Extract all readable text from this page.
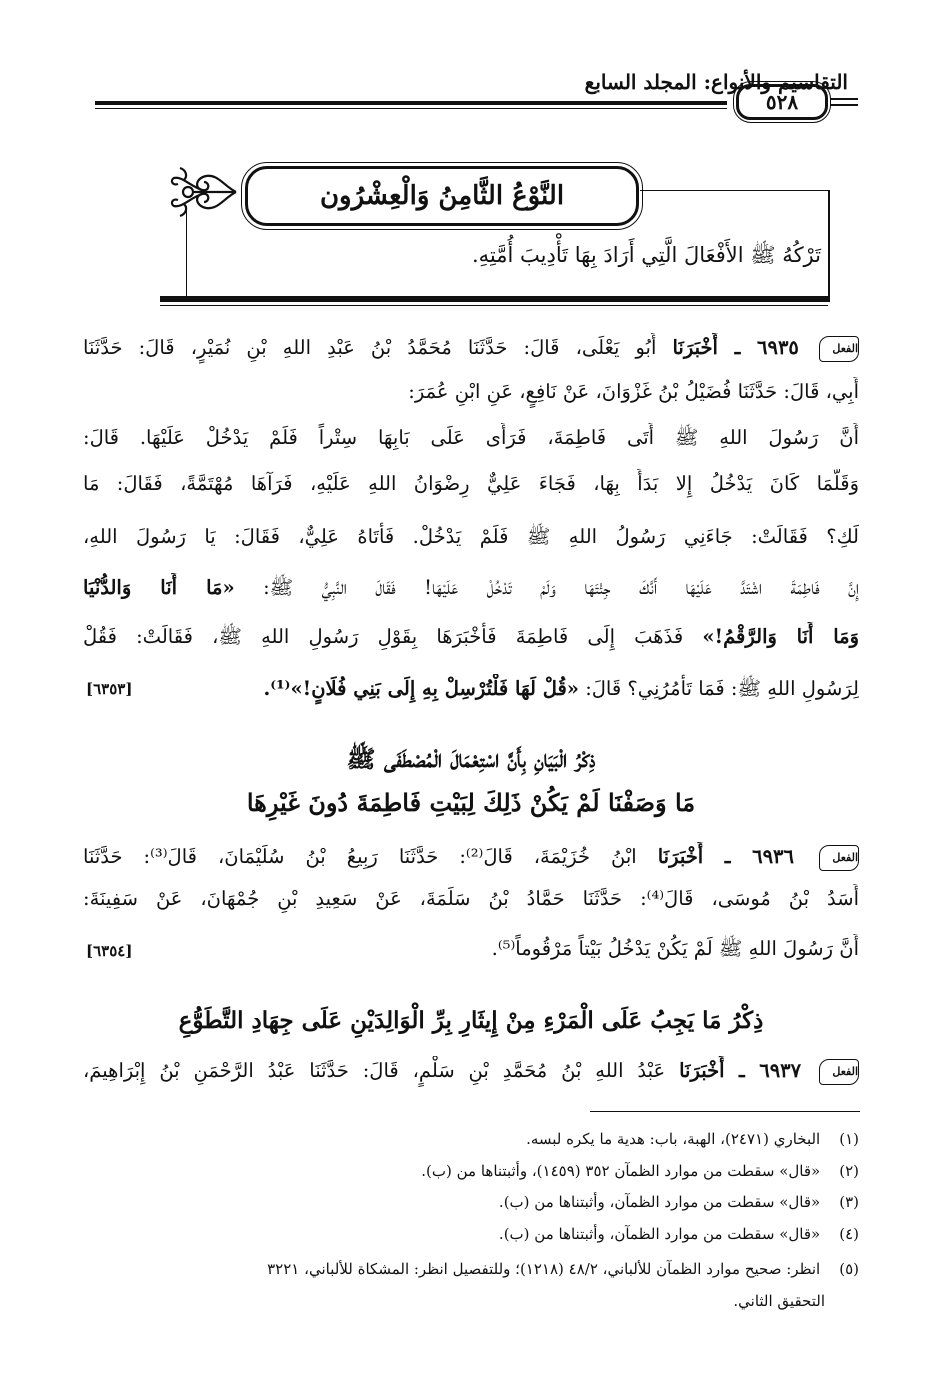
التقاسيم والأنواع: المجلد السابع
٥٢٨
النَّوْعُ الثَّامِنُ وَالْعِشْرُون
تَرْكُهُ ﷺ الأَفْعَالَ الَّتِي أَرَادَ بِهَا تَأْدِيبَ أُمَّتِهِ.
الفعل ٦٩٣٥ ـ أَخْبَرَنَا أَبُو يَعْلَى، قَالَ: حَدَّثَنَا مُحَمَّدُ بْنُ عَبْدِ اللهِ بْنِ نُمَيْرٍ، قَالَ: حَدَّثَنَا
أَبِي، قَالَ: حَدَّثَنَا فُضَيْلُ بْنُ غَزْوَانَ، عَنْ نَافِعٍ، عَنِ ابْنِ عُمَرَ:
أَنَّ رَسُولَ اللهِ ﷺ أَتَى فَاطِمَةَ، فَرَأَى عَلَى بَابِهَا سِتْراً فَلَمْ يَدْخُلْ عَلَيْهَا. قَالَ:
وَقَلَّمَا كَانَ يَدْخُلُ إِلا بَدَأَ بِهَا، فَجَاءَ عَلِيٌّ رِضْوَانُ اللهِ عَلَيْهِ، فَرَآهَا مُهْتَمَّةً، فَقَالَ: مَا
لَكِ؟ فَقَالَتْ: جَاءَنِي رَسُولُ اللهِ ﷺ فَلَمْ يَدْخُلْ. فَأَتَاهُ عَلِيٌّ، فَقَالَ: يَا رَسُولَ اللهِ،
إِنَّ فَاطِمَةَ اشْتَدَّ عَلَيْهَا أَنَّكَ جِئْتَهَا وَلَمْ تَدْخُلْ عَلَيْهَا! فَقَالَ النَّبِيُّ ﷺ: «مَا أَنَا وَالدُّنْيَا
وَمَا أَنَا وَالرَّقْمُ!» فَذَهَبَ إِلَى فَاطِمَةَ فَأَخْبَرَهَا بِقَوْلِ رَسُولِ اللهِ ﷺ، فَقَالَتْ: فَقُلْ
لِرَسُولِ اللهِ ﷺ: فَمَا تَأْمُرُنِي؟ قَالَ: «قُلْ لَهَا فَلْتُرْسِلْ بِهِ إِلَى بَنِي فُلَانٍ!»⁽¹⁾.
[٦٣٥٣]
ذِكْرُ الْبَيَانِ بِأَنَّ اسْتِعْمَالَ الْمُصْطَفَى ﷺ
مَا وَصَفْنَا لَمْ يَكُنْ ذَلِكَ لِبَيْتِ فَاطِمَةَ دُونَ غَيْرِهَا
الفعل ٦٩٣٦ ـ أَخْبَرَنَا ابْنُ خُزَيْمَةَ، قَالَ⁽²⁾: حَدَّثَنَا رَبِيعُ بْنُ سُلَيْمَانَ، قَالَ⁽³⁾: حَدَّثَنَا
أَسَدُ بْنُ مُوسَى، قَالَ⁽⁴⁾: حَدَّثَنَا حَمَّادُ بْنُ سَلَمَةَ، عَنْ سَعِيدِ بْنِ جُمْهَانَ، عَنْ سَفِينَةَ:
أَنَّ رَسُولَ اللهِ ﷺ لَمْ يَكُنْ يَدْخُلُ بَيْتاً مَرْقُوماً⁽⁵⁾.
[٦٣٥٤]
ذِكْرُ مَا يَجِبُ عَلَى الْمَرْءِ مِنْ إِيثَارِ بِرِّ الْوَالِدَيْنِ عَلَى جِهَادِ التَّطَوُّعِ
الفعل ٦٩٣٧ ـ أَخْبَرَنَا عَبْدُ اللهِ بْنُ مُحَمَّدِ بْنِ سَلْمٍ، قَالَ: حَدَّثَنَا عَبْدُ الرَّحْمَنِ بْنُ إِبْرَاهِيمَ،
(١) البخاري (٢٤٧١)، الهبة، باب: هدية ما يكره لبسه.
(٢) «قال» سقطت من موارد الظمآن ٣٥٢ (١٤٥٩)، وأثبتناها من (ب).
(٣) «قال» سقطت من موارد الظمآن، وأثبتناها من (ب).
(٤) «قال» سقطت من موارد الظمآن، وأثبتناها من (ب).
(٥) انظر: صحيح موارد الظمآن للألباني، ٤٨/٢ (١٢١٨)؛ وللتفصيل انظر: المشكاة للألباني، ٣٢٢١
التحقيق الثاني.
